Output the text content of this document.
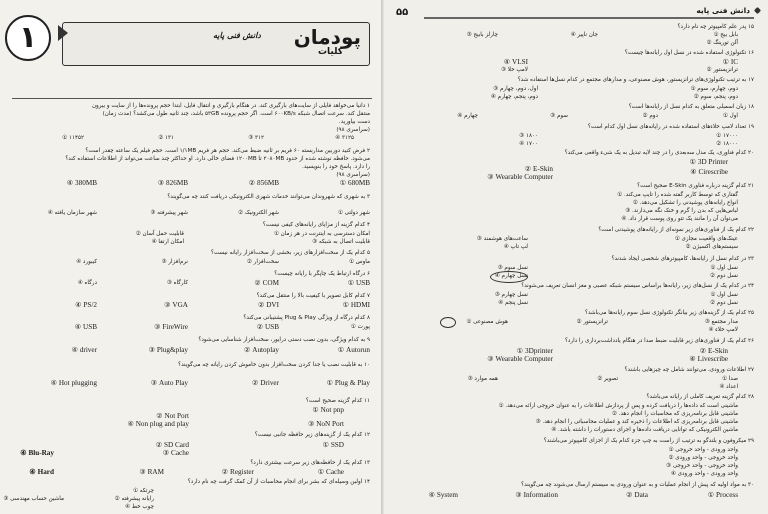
پودمان
کلیات
دانش فنی پایه
۱
۱ دانیا می‌خواهد فایلی از سایت‌های بارگیری کند. در هنگام بارگیری و انتقال فایل، ابتدا حجم پرونده‌ها را از سایت و بیرون
منتقل کند. سرعت اتصال شبکه ۶۰۰KB/s است. اگر حجم پرونده ۵۳GB باشد، چند ثانیه طول می‌کشد؟ (مدت زمان)
دست بیاورید.
(سراسری ۹۸)
۱۱۴۵۲ ①	۱۳۱ ②	۳۱۲ ③	۳۱۲۵ ④
۲ فرض کنید دوربین مداربسته ۶۰ فریم بر ثانیه ضبط می‌کند. حجم هر فریم ۱/۱MB است. حجم فیلم یک ساعته چقدر است؟
می‌شود. حافظه نوشته شده از حدود ۲۰۸۰MB تا ۱۲۰۰MB فضای خالی دارد. او حداکثر چند ساعت می‌تواند از اطلاعات استفاده کند؟
را دارد. پاسخ خود را بنویسید.
(سراسری ۹۸)
680MB ①
856MB ②
826MB ③
380MB ④
۳ به شهری که شهروندان می‌توانند خدمات شهری الکترونیکی دریافت کنند چه می‌گویند؟
شهر دولتی ①
شهر الکترونیک ②
شهر پیشرفته ③
شهر سازمان یافته ④
۴ کدام گزینه از مزایای رایانه‌های کیفی نیست؟
امکان دسترسی به اینترنت در هر زمان ①
قابلیت حمل آسان ②
قابلیت اتصال به شبکه ③
امکان ارتقا ④
۵ کدام یک از سخت‌افزارهای زیر، بخشی از سخت‌افزار رایانه نیست؟
ماوس ①
سخت‌افزار ②
نرم‌افزار ③
کیبورد ④
۶ درگاه ارتباط یک چاپگر با رایانه چیست؟
USB ①
COM ②
کارگاه ③
درگاه ④
۷ کدام کابل تصویر با کیفیت بالا را منتقل می‌کند؟
HDMI ①
DVI ②
VGA ③
PS/2 ④
۸ کدام درگاه از ویژگی Plug & Play پشتیبانی می‌کند؟
پورت ①
USB ②
FireWire ③
USB ④
۹ به کدام ویژگی، بدون نصب دستی درایور، سخت‌افزار شناسایی می‌شود؟
Autorun ①
Autoplay ②
Plug&play ③
driver ④
۱۰ به قابلیت نصب یا جدا کردن سخت‌افزار بدون خاموش کردن رایانه چه می‌گویند؟
Plug & Play ①
Driver ②
Auto Play ③
Hot plugging ④
۱۱ کدام گزینه صحیح است؟
Not pnp ①
Not Port ②
NoN Port ③
Non plug and play ④
۱۲ کدام یک از گزینه‌های زیر حافظه جانبی نیست؟
SSD ①
SD Card ②
Cache ③
Blu-Ray ④
۱۳ کدام یک از حافظه‌های زیر سرعت بیشتری دارد؟
Cache ①
Register ②
RAM ③
Hard ④
۱۴ اولین وسیله‌ای که بشر برای انجام محاسبات از آن کمک گرفت چه نام دارد؟
چرتکه ①
رایانه پیشرفته ②
ماشین حساب مهندسی ③
چوب خط ④
۵۵	دانش فنی پایه
۱۵ پدر علم کامپیوتر چه نام دارد؟
بابل بیج ①
آلن تورینگ ②
چارلز بابیج ③	جان ناپیر ④
۱۶ تکنولوژی استفاده شده در نسل اول رایانه‌ها چیست؟
IC ①
ترانزیستور ②
لامپ خلا ③
VLSI ④
۱۷ به ترتیب تکنولوژی‌های ترانزیستور، هوش مصنوعی، و مدارهای مجتمع در کدام نسل‌ها استفاده شد؟
دوم، چهارم، سوم ①
دوم، پنجم، سوم ②
اول، دوم، چهارم ③
دوم، پنجم، چهارم ④
۱۸ زبان اسمبلی متعلق به کدام نسل از رایانه‌ها است؟
اول ①
دوم ②
سوم ③
چهارم ④
۱۹ تعداد لامپ خلاءهای استفاده شده در رایانه‌های نسل اول کدام است؟
۱۷۰۰۰ ①
۱۸۰۰۰ ②
۱۸۰۰ ③
۱۷۰۰ ④
۲۰ کدام فناوری، یک مدل سه‌بعدی را در چند لایه تبدیل به یک شیء واقعی می‌کند؟
3D Printer ①
E-Skin ②
Wearable Computer ③
Cirescribe ④
۲۱ کدام گزینه درباره فناوری E-Skin صحیح است؟
گفتاری که توسط کاربر گفته شده را تایپ می‌کند. ①
انواع رایانه‌های پوشیدنی را تشکیل می‌دهد. ②
لباس‌هایی که بدن را گرم و خنک نگه می‌دارند. ③
می‌توان آن را مانند یک تتو روی پوست قرار داد. ④
۲۲ کدام یک از فناوری‌های زیر نمونه‌ای از رایانه‌های پوشیدنی است؟
عینک‌های واقعیت مجازی ①
سیستم‌های اکسیژن ②
ساعت‌های هوشمند ③
لپ تاپ ④
۲۳ در کدام نسل از رایانه‌ها، کامپیوترهای شخصی ایجاد شدند؟
نسل اول ①
نسل دوم ②
نسل سوم ③
نسل چهارم ④
۲۴ در کدام یک از نسل‌های زیر، رایانه‌ها براساس سیستم شبکه عصبی و مغز انسان تعریف می‌شوند؟
نسل اول ①
نسل دوم ②
نسل چهارم ③
نسل پنجم ④
۲۵ کدام یک از گزینه‌های زیر بیانگر تکنولوژی نسل سوم رایانه‌ها می‌باشد؟
هوش مصنوعی ①	ترانزیستور ②	مدار مجتمع ③
لامپ خلاء ④
۲۶ کدام یک از فناوری‌های زیر قابلیت ضبط صدا در هنگام یادداشت‌برداری را دارد؟
3Dprinter ①	E-Skin ②
Wearable Computer ③	Livescribe ④
۲۷ اطلاعات ورودی، می‌توانند شامل چه چیزهایی باشند؟
صدا ①
تصویر ②
همه موارد ③
اعداد ④
۲۸ کدام گزینه تعریف کاملی از رایانه می‌باشد؟
ماشینی است که داده‌ها را دریافت کرده و پس از پردازش اطلاعات را به عنوان خروجی ارائه می‌دهد. ①
ماشینی قابل برنامه‌ریزی که محاسبات را انجام دهد. ②
ماشینی قابل برنامه‌ریزی که اطلاعات را ذخیره کند و عملیات محاسباتی را انجام دهد. ③
ماشین الکترونیکی که توانایی دریافت داده‌ها و اجرای دستورات را داشته باشد. ④
۲۹ میکروفون و بلندگو به ترتیب از راست به چپ جزء کدام یک از اجزای کامپیوتر می‌باشند؟
واحد ورودی - واحد خروجی ①
واحد خروجی - واحد ورودی ②
واحد خروجی - واحد خروجی ③
واحد ورودی - واحد ورودی ④
۳۰ به مواد اولیه که پیش از انجام عملیات و به عنوان ورودی به سیستم ارسال می‌شوند چه می‌گویند؟
Process ①
Data ②
Information ③
System ④
